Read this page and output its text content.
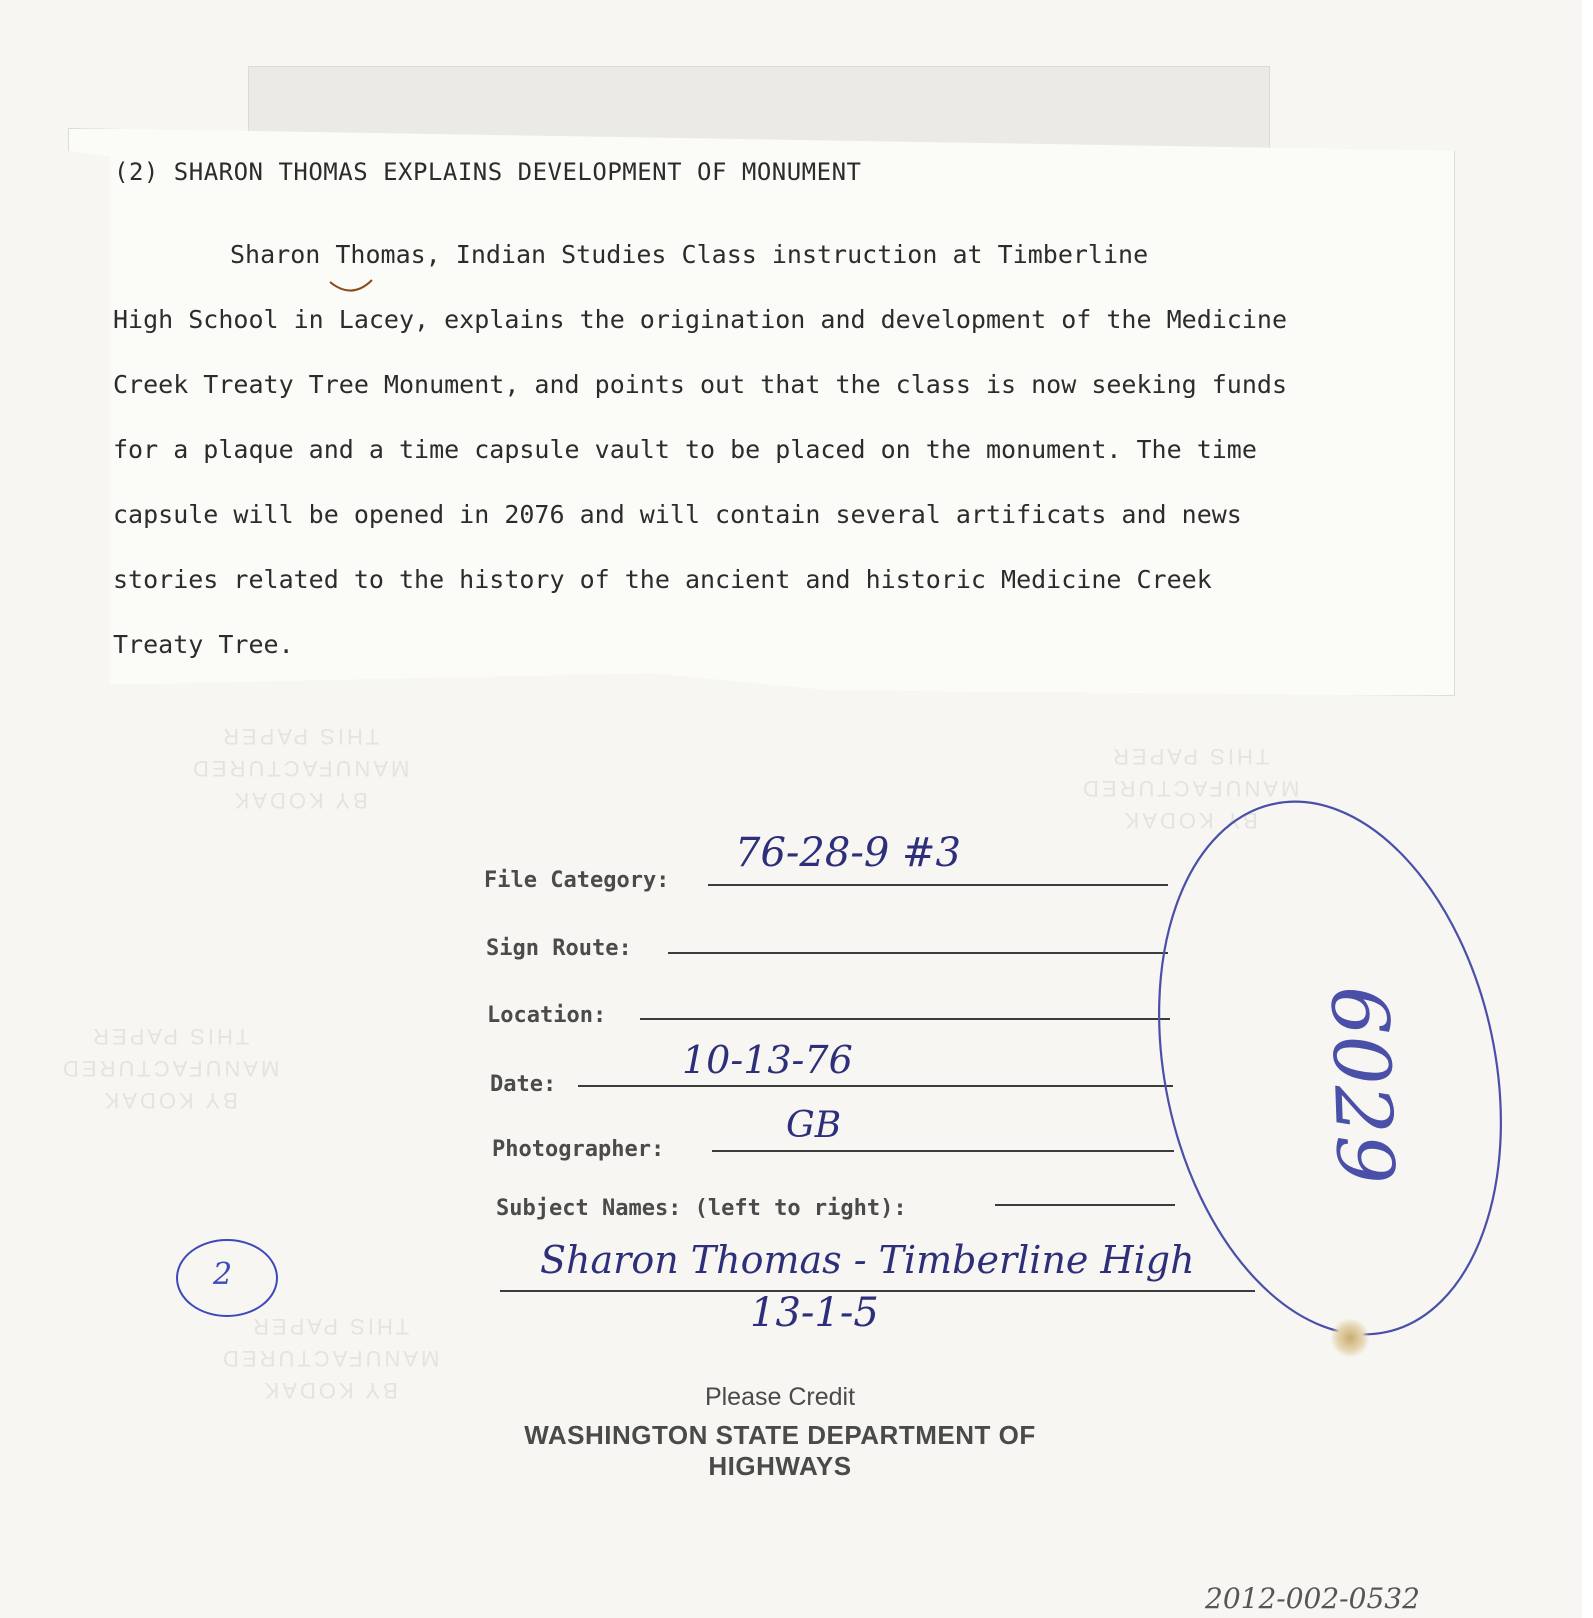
BY KODAK
MANUFACTURED
THIS PAPER
BY KODAK
MANUFACTURED
THIS PAPER
BY KODAK
MANUFACTURED
THIS PAPER
BY KODAK
MANUFACTURED
THIS PAPER
(2) SHARON THOMAS EXPLAINS DEVELOPMENT OF MONUMENT
Sharon Thomas, Indian Studies Class instruction at Timberline
High School in Lacey, explains the origination and development of the Medicine
Creek Treaty Tree Monument, and points out that the class is now seeking funds
for a plaque and a time capsule vault to be placed on the monument. The time
capsule will be opened in 2076 and will contain several artificats and news
stories related to the history of the ancient and historic Medicine Creek
Treaty Tree.
File Category:
76-28-9 #3
Sign Route:
Location:
Date:
10-13-76
Photographer:
GB
Subject Names: (left to right):
Sharon Thomas - Timberline High
13-1-5
2
6029
Please Credit
WASHINGTON STATE DEPARTMENT OF HIGHWAYS
2012-002-0532
